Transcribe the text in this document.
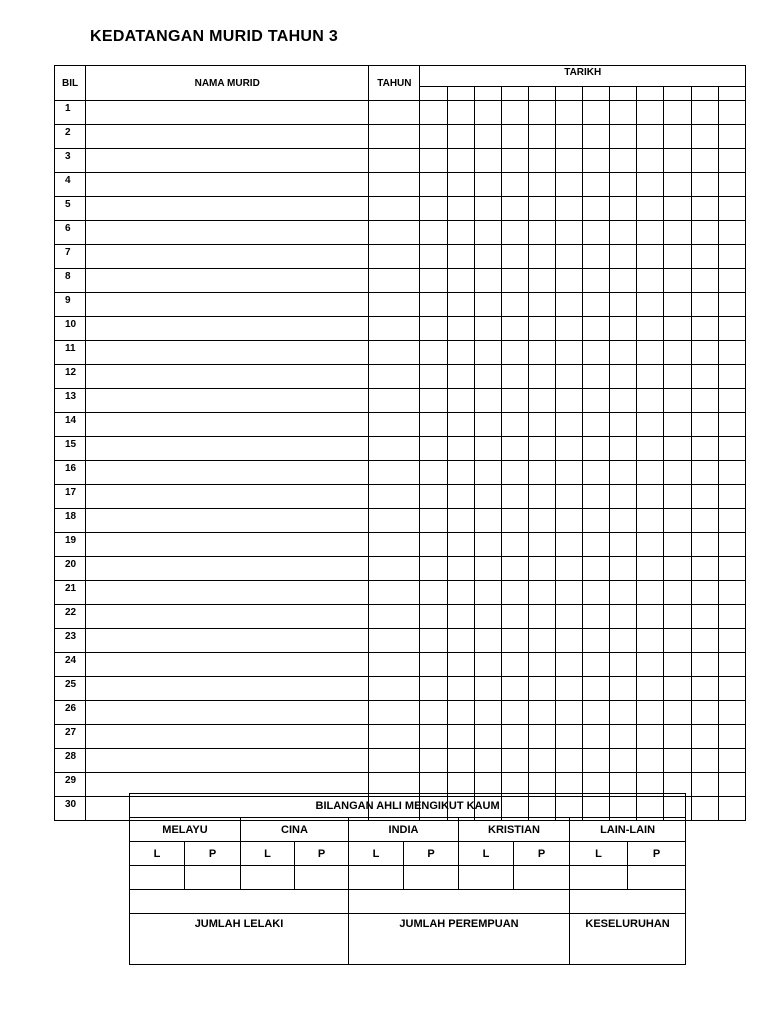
KEDATANGAN MURID TAHUN 3
BIL	NAMA MURID	TAHUN	TARIKH											

1														
2														
3														
4														
5														
6														
7														
8														
9														
10														
11														
12														
13														
14														
15														
16														
17														
18														
19														
20														
21														
22														
23														
24														
25														
26														
27														
28														
29														
30															BILANGAN AHLI MENGIKUT KAUM									
MELAYU		CINA		INDIA		KRISTIAN		LAIN-LAIN	
L	P	L	P	L	P	L	P	L	P

JUMLAH LELAKI				JUMLAH PEREMPUAN				KESELURUHAN	
